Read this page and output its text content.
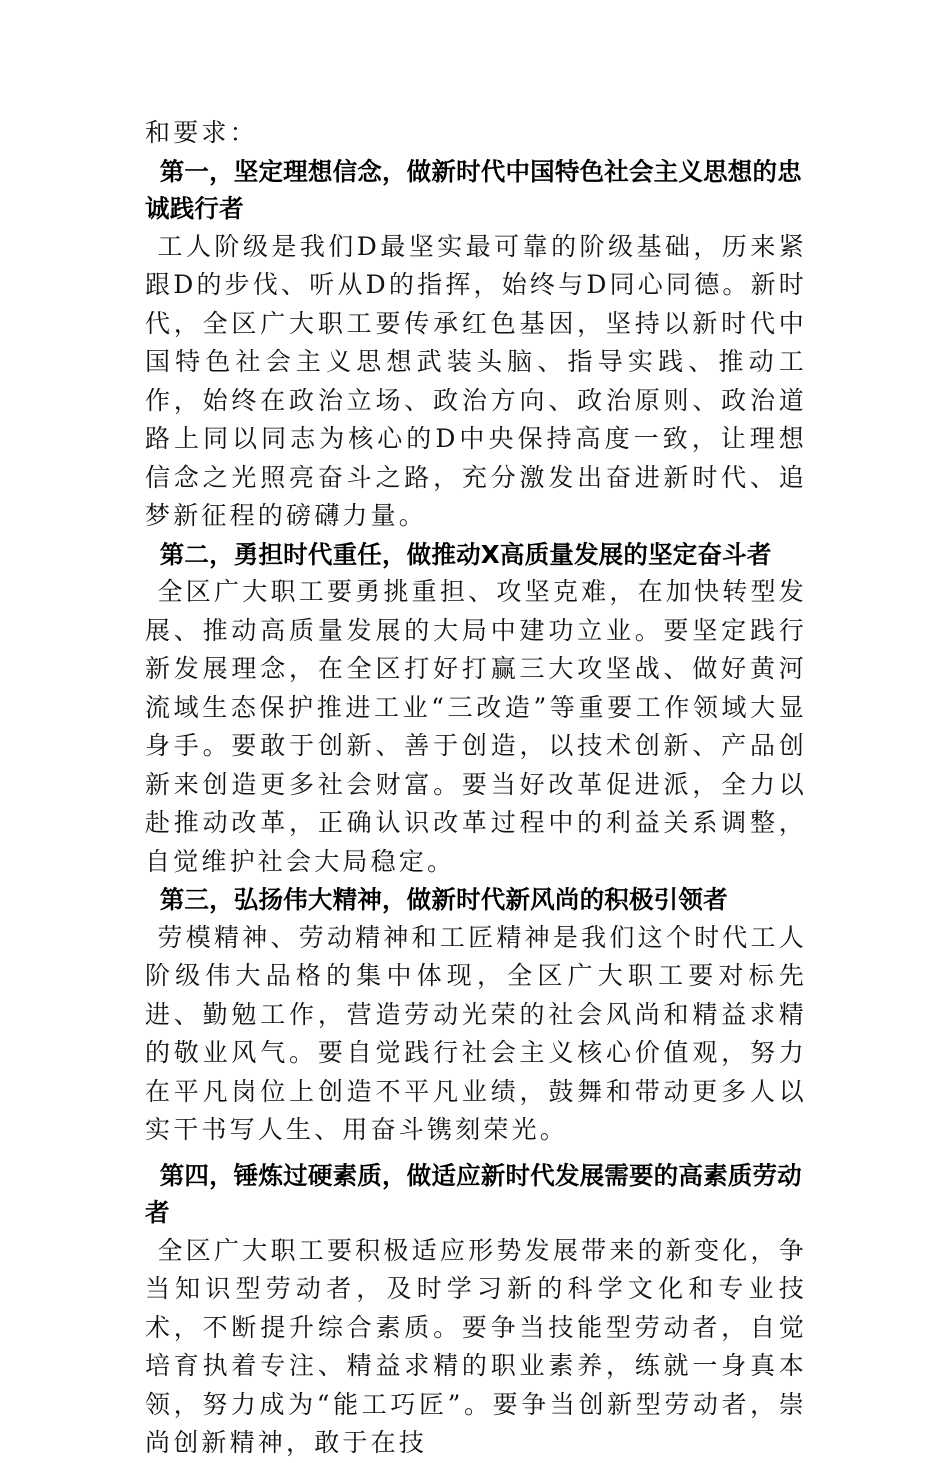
和要求：

第一，坚定理想信念，做新时代中国特色社会主义思想的忠诚践行者

工人阶级是我们D最坚实最可靠的阶级基础，历来紧跟D的步伐、听从D的指挥，始终与D同心同德。新时代，全区广大职工要传承红色基因，坚持以新时代中国特色社会主义思想武装头脑、指导实践、推动工作，始终在政治立场、政治方向、政治原则、政治道路上同以同志为核心的D中央保持高度一致，让理想信念之光照亮奋斗之路，充分激发出奋进新时代、追梦新征程的磅礴力量。

第二，勇担时代重任，做推动X高质量发展的坚定奋斗者

全区广大职工要勇挑重担、攻坚克难，在加快转型发展、推动高质量发展的大局中建功立业。要坚定践行新发展理念，在全区打好打赢三大攻坚战、做好黄河流域生态保护推进工业“三改造”等重要工作领域大显身手。要敢于创新、善于创造，以技术创新、产品创新来创造更多社会财富。要当好改革促进派，全力以赴推动改革，正确认识改革过程中的利益关系调整，自觉维护社会大局稳定。

第三，弘扬伟大精神，做新时代新风尚的积极引领者

劳模精神、劳动精神和工匠精神是我们这个时代工人阶级伟大品格的集中体现，全区广大职工要对标先进、勤勉工作，营造劳动光荣的社会风尚和精益求精的敬业风气。要自觉践行社会主义核心价值观，努力在平凡岗位上创造不平凡业绩，鼓舞和带动更多人以实干书写人生、用奋斗镌刻荣光。

第四，锤炼过硬素质，做适应新时代发展需要的高素质劳动者

全区广大职工要积极适应形势发展带来的新变化，争当知识型劳动者，及时学习新的科学文化和专业技术，不断提升综合素质。要争当技能型劳动者，自觉培育执着专注、精益求精的职业素养，练就一身真本领，努力成为“能工巧匠”。要争当创新型劳动者，崇尚创新精神，敢于在技
